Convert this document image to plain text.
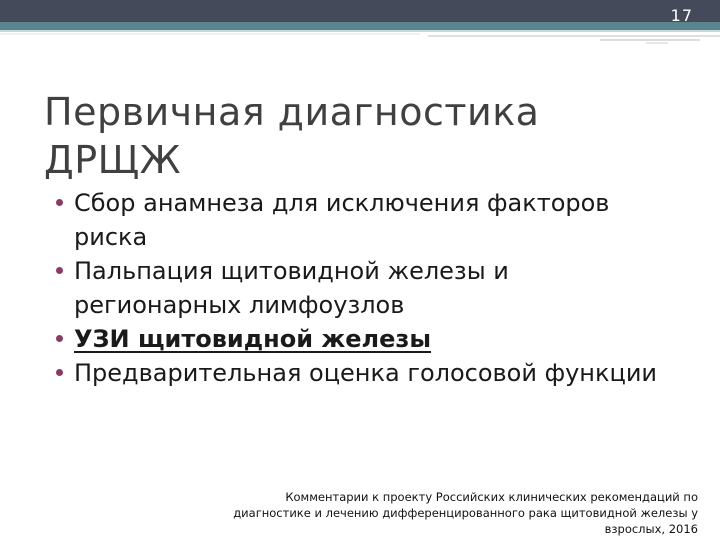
17
Первичная диагностика ДРЩЖ
Сбор анамнеза для исключения факторов риска
Пальпация щитовидной железы и регионарных лимфоузлов
УЗИ щитовидной железы
Предварительная оценка голосовой функции
Комментарии к проекту Российских клинических рекомендаций по
диагностике и лечению дифференцированного рака щитовидной железы у
взрослых, 2016
